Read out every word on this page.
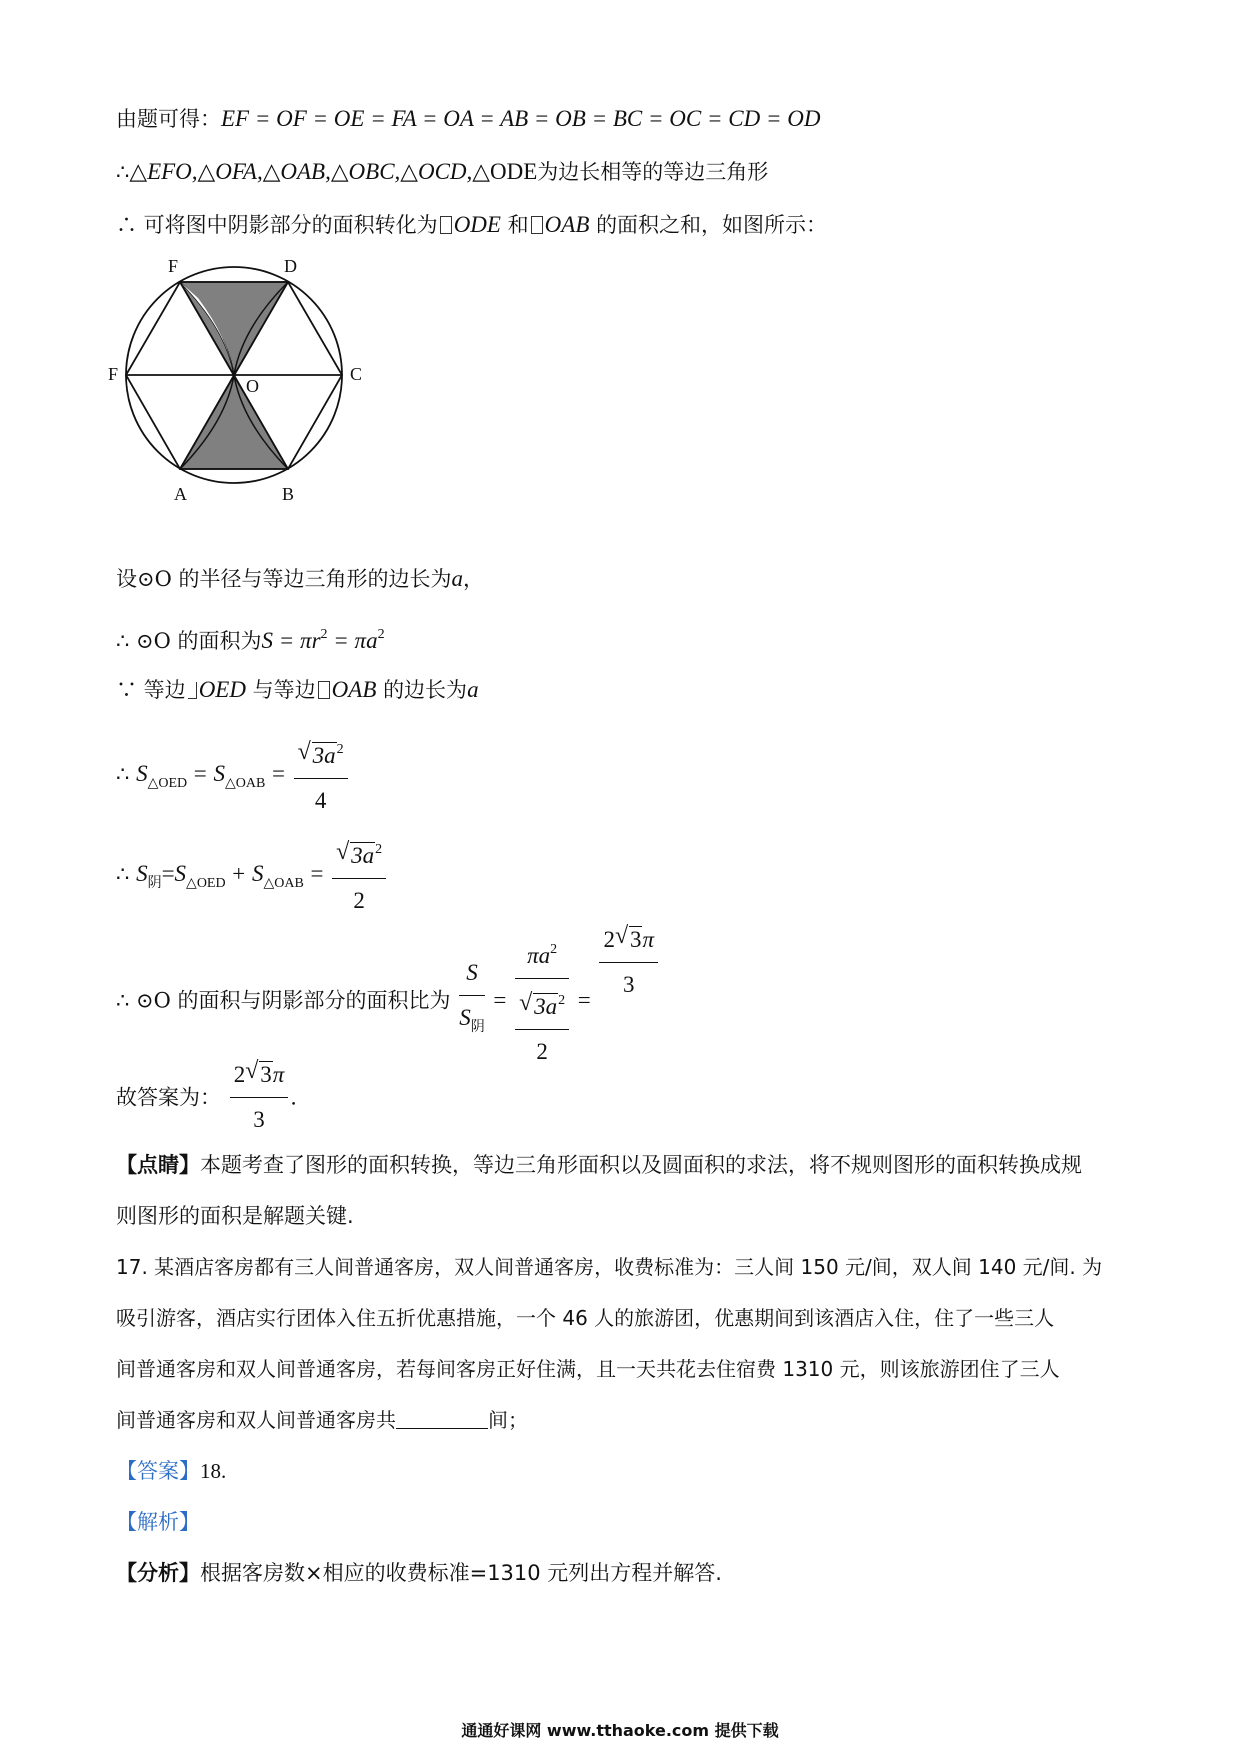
由题可得：EF = OF = OE = FA = OA = AB = OB = BC = OC = CD = OD
∴△EFO,△OFA,△OAB,△OBC,△OCD,△ODE为边长相等的等边三角形
∴ 可将图中阴影部分的面积转化为 ODE 和 OAB 的面积之和，如图所示：
F	D
F	C
O
A	B
设⊙O 的半径与等边三角形的边长为a，
∴ ⊙O 的面积为$S = \pi r^2 = \pi a^2$
∵ 等边 OED 与等边 OAB 的边长为a
∴ $S_{\triangle OED} = S_{\triangle OAB}$ = √ $\frac{3a^2}{4}$
∴ $S_阴=S_{\triangle OED} + S_{\triangle OAB}$ = √ $\frac{3a^2}{2}$
∴ ⊙O 的面积与阴影部分的面积比为 $\frac{S}{S_阴} = \pi a^2$
√ $\frac{3a^2}{2} = \frac{2 √ 3\pi}{3}$
故答案为： $\frac{2 √ 3\pi}{3}$ .
【点睛】本题考查了图形的面积转换，等边三角形面积以及圆面积的求法，将不规则图形的面积转换成规
则图形的面积是解题关键.
17. 某酒店客房都有三人间普通客房，双人间普通客房，收费标准为：三人间 150 元/间，双人间 140 元/间. 为
吸引游客，酒店实行团体入住五折优惠措施，一个 46 人的旅游团，优惠期间到该酒店入住，住了一些三人
间普通客房和双人间普通客房，若每间客房正好住满，且一天共花去住宿费 1310 元，则该旅游团住了三人
间普通客房和双人间普通客房共	间；
【答案】18.
【解析】
【分析】根据客房数×相应的收费标准=1310 元列出方程并解答.
通通好课网 www.tthaoke.com 提供下载
